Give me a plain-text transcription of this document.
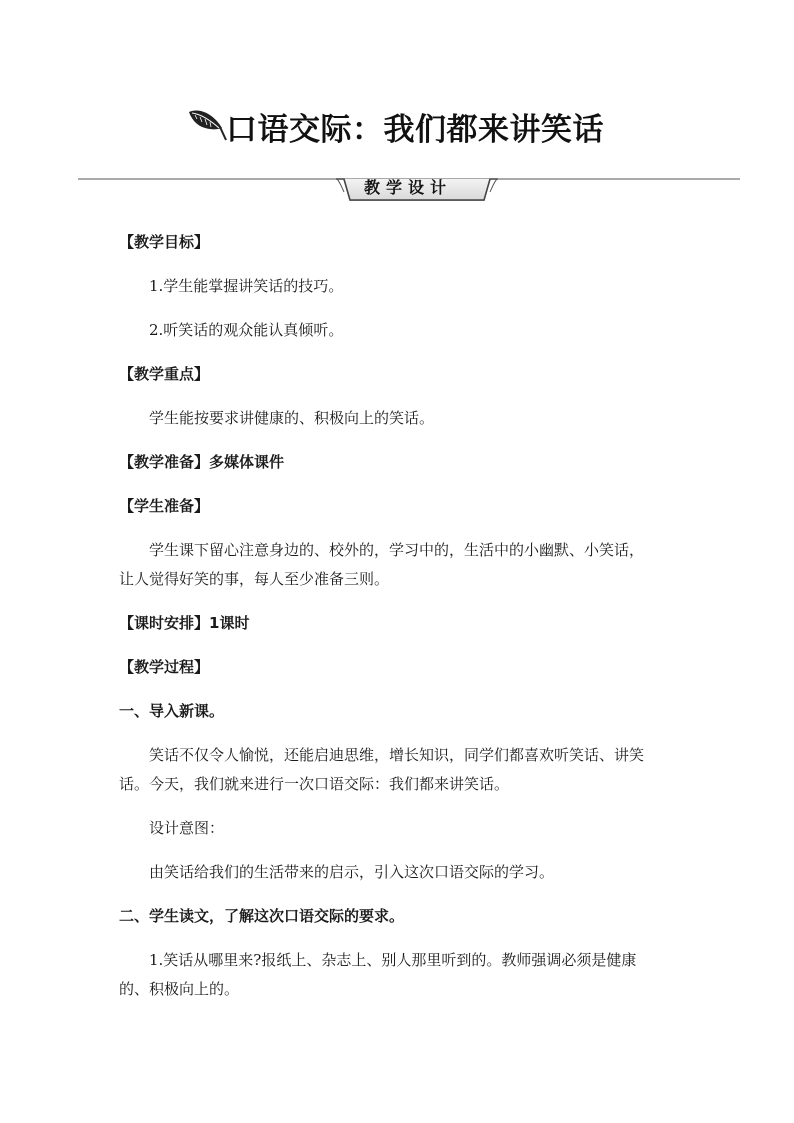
口语交际：我们都来讲笑话
教学设计

【教学目标】

1.学生能掌握讲笑话的技巧。

2.听笑话的观众能认真倾听。

【教学重点】

学生能按要求讲健康的、积极向上的笑话。

【教学准备】多媒体课件

【学生准备】

学生课下留心注意身边的、校外的，学习中的，生活中的小幽默、小笑话，

让人觉得好笑的事，每人至少准备三则。

【课时安排】1课时

【教学过程】

一、导入新课。

笑话不仅令人愉悦，还能启迪思维，增长知识，同学们都喜欢听笑话、讲笑

话。今天，我们就来进行一次口语交际：我们都来讲笑话。

设计意图：

由笑话给我们的生活带来的启示，引入这次口语交际的学习。

二、学生读文，了解这次口语交际的要求。

1.笑话从哪里来?报纸上、杂志上、别人那里听到的。教师强调必须是健康

的、积极向上的。
